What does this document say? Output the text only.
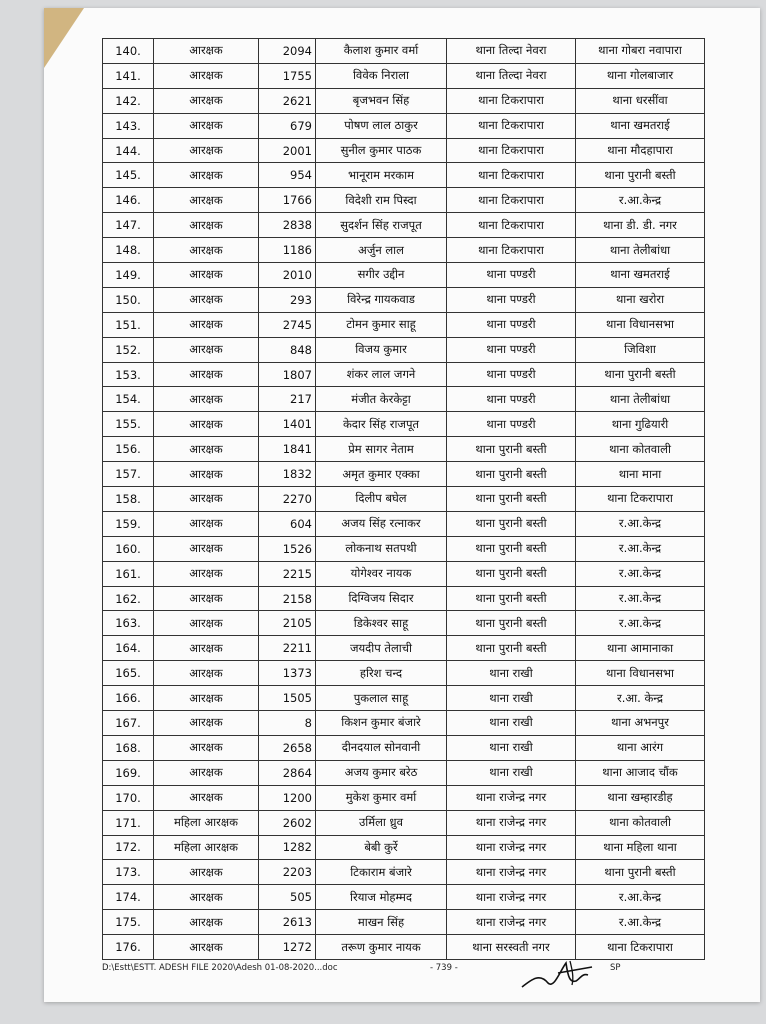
140.	आरक्षक	2094	कैलाश कुमार वर्मा	थाना तिल्दा नेवरा	थाना गोबरा नवापारा
141.	आरक्षक	1755	विवेक निराला	थाना तिल्दा नेवरा	थाना गोलबाजार
142.	आरक्षक	2621	बृजभवन सिंह	थाना टिकरापारा	थाना धरसींवा
143.	आरक्षक	679	पोषण लाल ठाकुर	थाना टिकरापारा	थाना खमतराई
144.	आरक्षक	2001	सुनील कुमार पाठक	थाना टिकरापारा	थाना मौदहापारा
145.	आरक्षक	954	भानूराम मरकाम	थाना टिकरापारा	थाना पुरानी बस्ती
146.	आरक्षक	1766	विदेशी राम पिस्दा	थाना टिकरापारा	र.आ.केन्द्र
147.	आरक्षक	2838	सुदर्शन सिंह राजपूत	थाना टिकरापारा	थाना डी. डी. नगर
148.	आरक्षक	1186	अर्जुन लाल	थाना टिकरापारा	थाना तेलीबांधा
149.	आरक्षक	2010	सगीर उद्दीन	थाना पण्डरी	थाना खमतराई
150.	आरक्षक	293	विरेन्द्र गायकवाड	थाना पण्डरी	थाना खरोरा
151.	आरक्षक	2745	टोमन कुमार साहू	थाना पण्डरी	थाना विधानसभा
152.	आरक्षक	848	विजय कुमार	थाना पण्डरी	जिविशा
153.	आरक्षक	1807	शंकर लाल जगने	थाना पण्डरी	थाना पुरानी बस्ती
154.	आरक्षक	217	मंजीत केरकेट्टा	थाना पण्डरी	थाना तेलीबांधा
155.	आरक्षक	1401	केदार सिंह राजपूत	थाना पण्डरी	थाना गुढियारी
156.	आरक्षक	1841	प्रेम सागर नेताम	थाना पुरानी बस्ती	थाना कोतवाली
157.	आरक्षक	1832	अमृत कुमार एक्का	थाना पुरानी बस्ती	थाना माना
158.	आरक्षक	2270	दिलीप बघेल	थाना पुरानी बस्ती	थाना टिकरापारा
159.	आरक्षक	604	अजय सिंह रत्नाकर	थाना पुरानी बस्ती	र.आ.केन्द्र
160.	आरक्षक	1526	लोकनाथ सतपथी	थाना पुरानी बस्ती	र.आ.केन्द्र
161.	आरक्षक	2215	योगेश्वर नायक	थाना पुरानी बस्ती	र.आ.केन्द्र
162.	आरक्षक	2158	दिग्विजय सिदार	थाना पुरानी बस्ती	र.आ.केन्द्र
163.	आरक्षक	2105	डिकेश्वर साहू	थाना पुरानी बस्ती	र.आ.केन्द्र
164.	आरक्षक	2211	जयदीप तेलाची	थाना पुरानी बस्ती	थाना आमानाका
165.	आरक्षक	1373	हरिश चन्द	थाना राखी	थाना विधानसभा
166.	आरक्षक	1505	पुकलाल साहू	थाना राखी	र.आ. केन्द्र
167.	आरक्षक	8	किशन कुमार बंजारे	थाना राखी	थाना अभनपुर
168.	आरक्षक	2658	दीनदयाल सोनवानी	थाना राखी	थाना आरंग
169.	आरक्षक	2864	अजय कुमार बरेठ	थाना राखी	थाना आजाद चौंक
170.	आरक्षक	1200	मुकेश कुमार वर्मा	थाना राजेन्द्र नगर	थाना खम्हारडीह
171.	महिला आरक्षक	2602	उर्मिला ध्रुव	थाना राजेन्द्र नगर	थाना कोतवाली
172.	महिला आरक्षक	1282	बेबी कुर्रे	थाना राजेन्द्र नगर	थाना महिला थाना
173.	आरक्षक	2203	टिकाराम बंजारे	थाना राजेन्द्र नगर	थाना पुरानी बस्ती
174.	आरक्षक	505	रियाज मोहम्मद	थाना राजेन्द्र नगर	र.आ.केन्द्र
175.	आरक्षक	2613	माखन सिंह	थाना राजेन्द्र नगर	र.आ.केन्द्र
176.	आरक्षक	1272	तरूण कुमार नायक	थाना सरस्वती नगर	थाना टिकरापारा
D:\Estt\ESTT. ADESH FILE 2020\Adesh 01-08-2020...doc	- 739 -	SP
